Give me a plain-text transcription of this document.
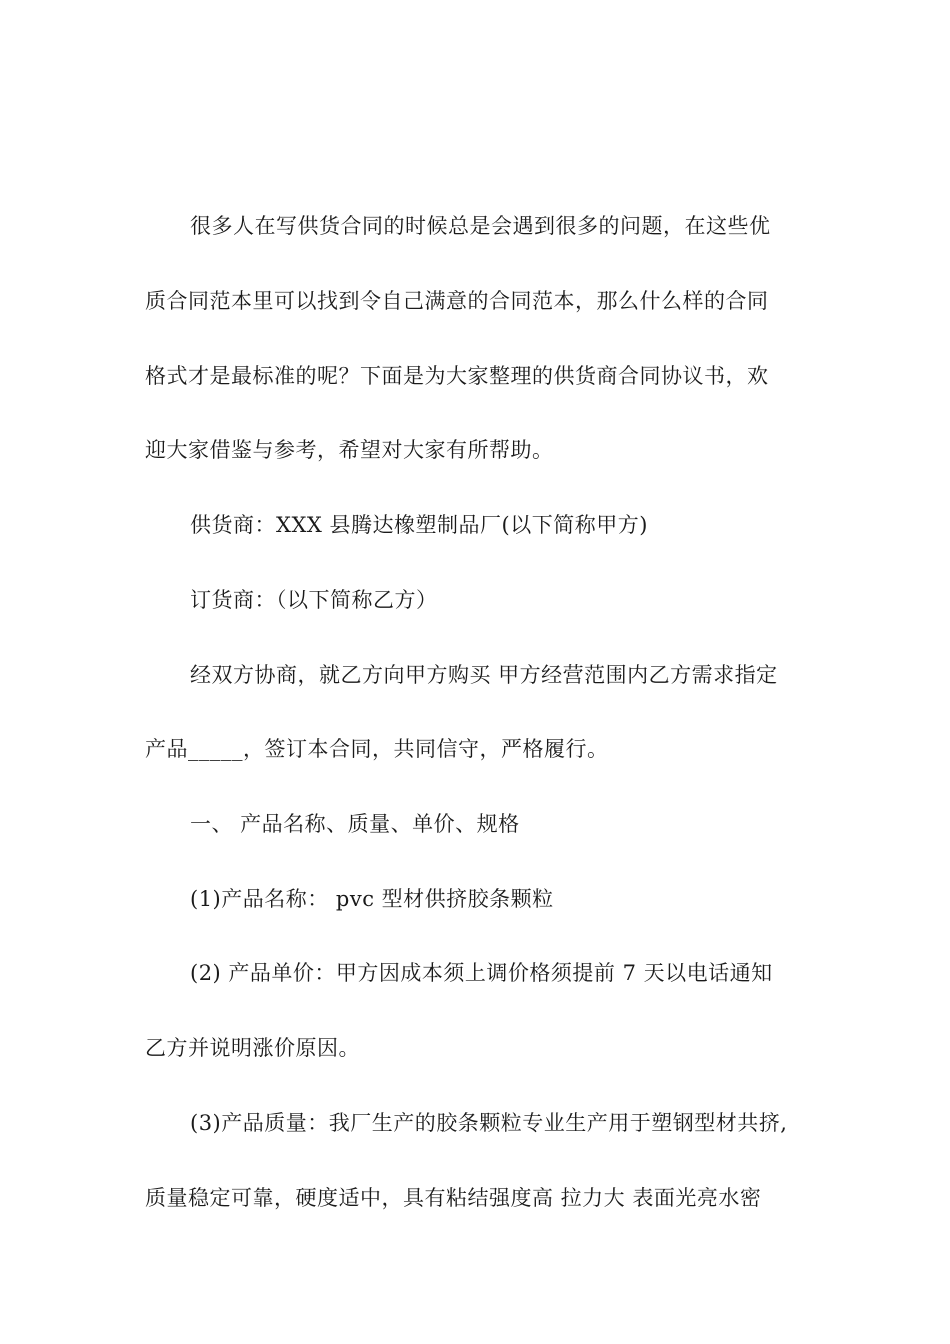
很多人在写供货合同的时候总是会遇到很多的问题，在这些优
质合同范本里可以找到令自己满意的合同范本，那么什么样的合同
格式才是最标准的呢？下面是为大家整理的供货商合同协议书，欢
迎大家借鉴与参考，希望对大家有所帮助。
供货商：XXX 县腾达橡塑制品厂(以下简称甲方)
订货商：（以下简称乙方）
经双方协商，就乙方向甲方购买 甲方经营范围内乙方需求指定
产品_____，签订本合同，共同信守，严格履行。
一、 产品名称、质量、单价、规格
(1)产品名称： pvc 型材供挤胶条颗粒
(2) 产品单价：甲方因成本须上调价格须提前 7 天以电话通知
乙方并说明涨价原因。
(3)产品质量：我厂生产的胶条颗粒专业生产用于塑钢型材共挤,
质量稳定可靠，硬度适中，具有粘结强度高 拉力大 表面光亮水密
